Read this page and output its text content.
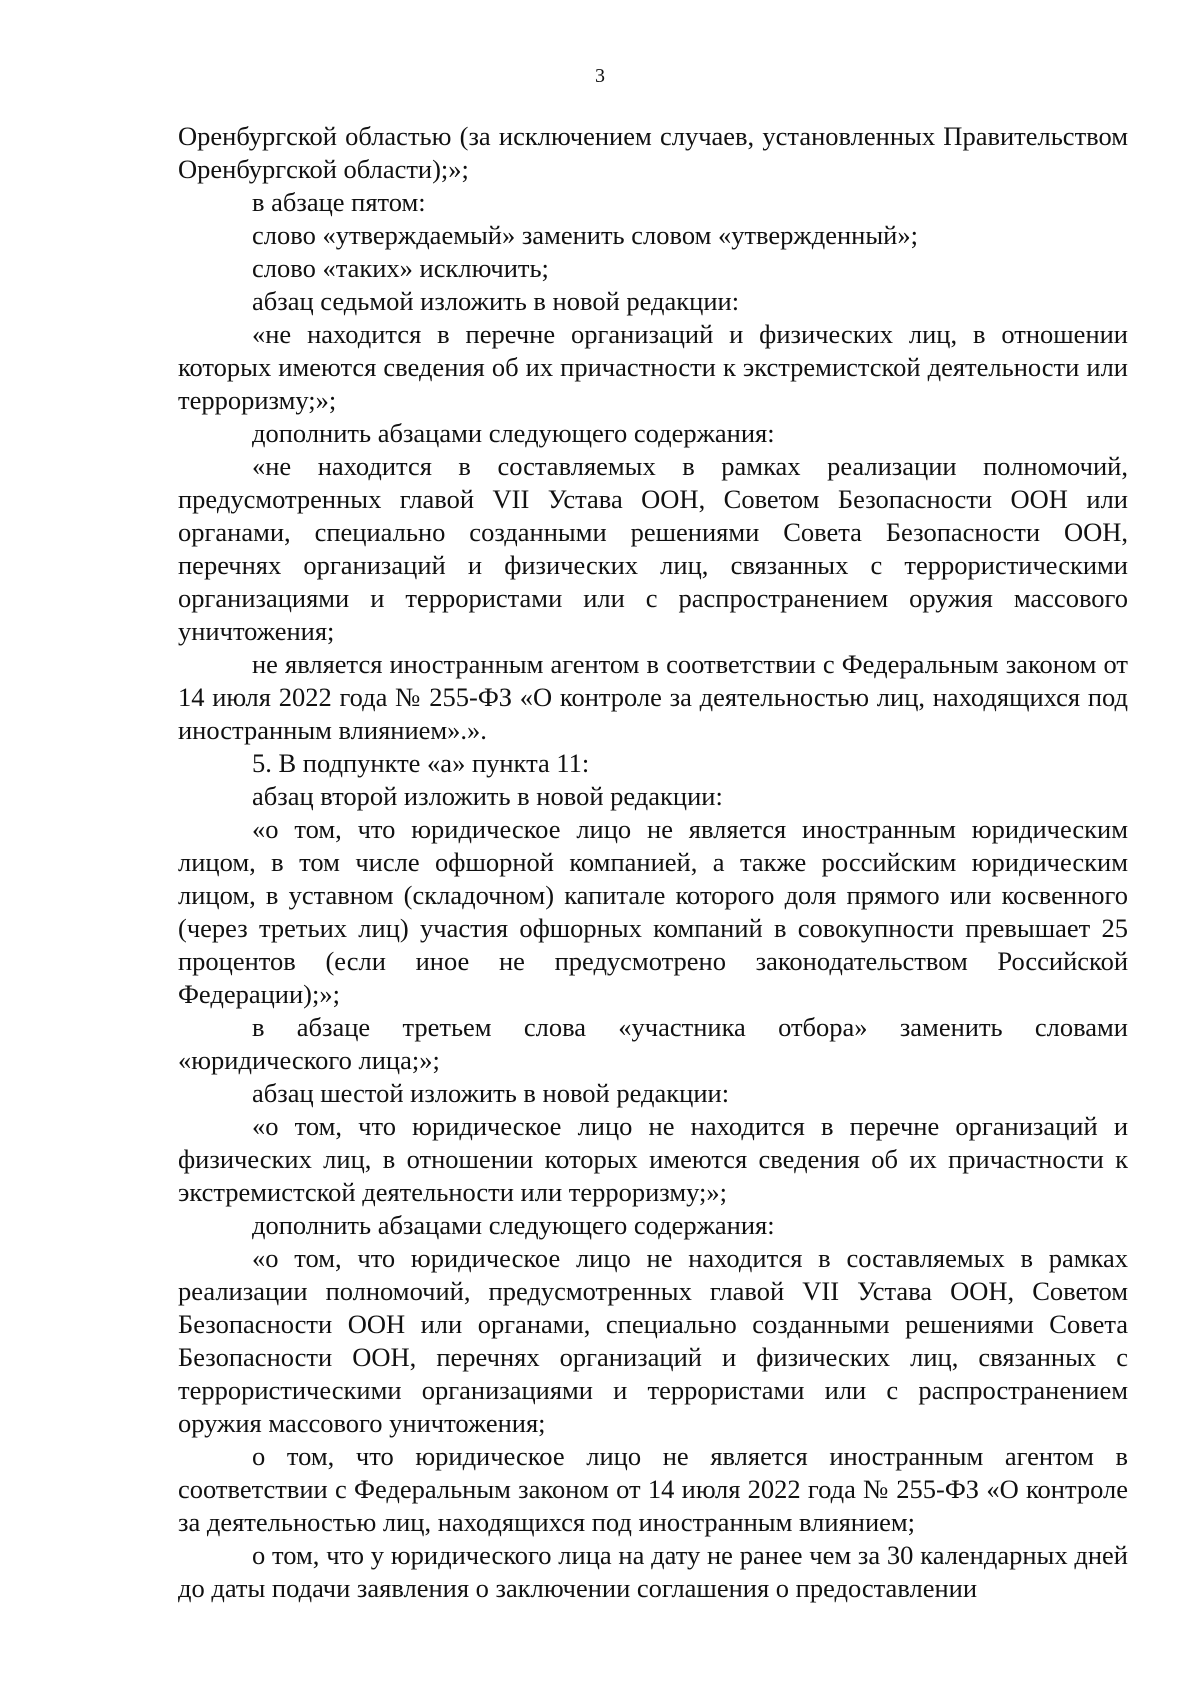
3

Оренбургской областью (за исключением случаев, установленных Правительством Оренбургской области);»;

в абзаце пятом:

слово «утверждаемый» заменить словом «утвержденный»;

слово «таких» исключить;

абзац седьмой изложить в новой редакции:

«не находится в перечне организаций и физических лиц, в отношении которых имеются сведения об их причастности к экстремистской деятельности или терроризму;»;

дополнить абзацами следующего содержания:

«не находится в составляемых в рамках реализации полномочий, предусмотренных главой VII Устава ООН, Советом Безопасности ООН или органами, специально созданными решениями Совета Безопасности ООН, перечнях организаций и физических лиц, связанных с террористическими организациями и террористами или с распространением оружия массового уничтожения;

не является иностранным агентом в соответствии с Федеральным законом от 14 июля 2022 года № 255-ФЗ «О контроле за деятельностью лиц, находящихся под иностранным влиянием».».

5. В подпункте «а» пункта 11:

абзац второй изложить в новой редакции:

«о том, что юридическое лицо не является иностранным юридическим лицом, в том числе офшорной компанией, а также российским юридическим лицом, в уставном (складочном) капитале которого доля прямого или косвенного (через третьих лиц) участия офшорных компаний в совокупности превышает 25 процентов (если иное не предусмотрено законодательством Российской Федерации);»;

в абзаце третьем слова «участника отбора» заменить словами «юридического лица;»;

абзац шестой изложить в новой редакции:

«о том, что юридическое лицо не находится в перечне организаций и физических лиц, в отношении которых имеются сведения об их причастности к экстремистской деятельности или терроризму;»;

дополнить абзацами следующего содержания:

«о том, что юридическое лицо не находится в составляемых в рамках реализации полномочий, предусмотренных главой VII Устава ООН, Советом Безопасности ООН или органами, специально созданными решениями Совета Безопасности ООН, перечнях организаций и физических лиц, связанных с террористическими организациями и террористами или с распространением оружия массового уничтожения;

о том, что юридическое лицо не является иностранным агентом в соответствии с Федеральным законом от 14 июля 2022 года № 255-ФЗ «О контроле за деятельностью лиц, находящихся под иностранным влиянием;

о том, что у юридического лица на дату не ранее чем за 30 календарных дней до даты подачи заявления о заключении соглашения о предоставлении
